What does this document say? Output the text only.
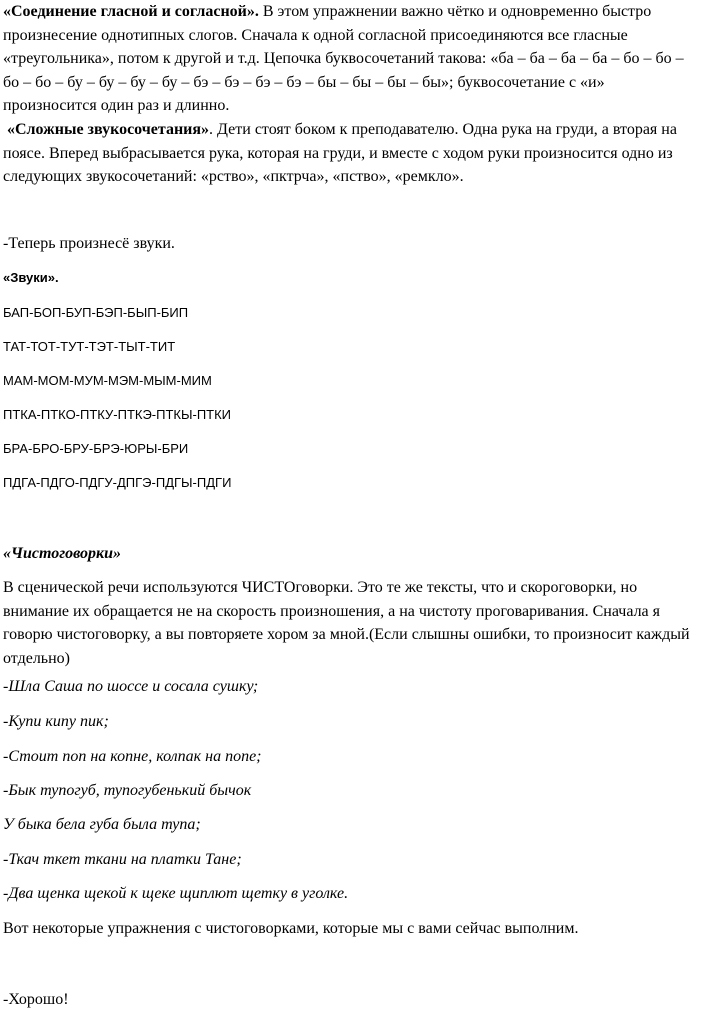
«Соединение гласной и согласной». В этом упражнении важно чётко и одновременно быстро произнесение однотипных слогов. Сначала к одной согласной присоединяются все гласные «треугольника», потом к другой и т.д. Цепочка буквосочетаний такова: «ба – ба – ба – ба – бо – бо – бо – бо – бу – бу – бу – бу – бэ – бэ – бэ – бэ – бы – бы – бы – бы»; буквосочетание с «и» произносится один раз и длинно.

«Сложные звукосочетания». Дети стоят боком к преподавателю. Одна рука на груди, а вторая на поясе. Вперед выбрасывается рука, которая на груди, и вместе с ходом руки произносится одно из следующих звукосочетаний: «рство», «пктрча», «пство», «ремкло».

-Теперь произнесё звуки.

«Звуки».

БАП-БОП-БУП-БЭП-БЫП-БИП

ТАТ-ТОТ-ТУТ-ТЭТ-ТЫТ-ТИТ

МАМ-МОМ-МУМ-МЭМ-МЫМ-МИМ

ПТКА-ПТКО-ПТКУ-ПТКЭ-ПТКЫ-ПТКИ

БРА-БРО-БРУ-БРЭ-ЮРЫ-БРИ

ПДГА-ПДГО-ПДГУ-ДПГЭ-ПДГЫ-ПДГИ

«Чистоговорки»

В сценической речи используются ЧИСТОговорки. Это те же тексты, что и скороговорки, но внимание их обращается не на скорость произношения, а на чистоту проговаривания. Сначала я говорю чистоговорку, а вы повторяете хором за мной.(Если слышны ошибки, то произносит каждый отдельно)

-Шла Саша по шоссе и сосала сушку;

-Купи кипу пик;

-Стоит поп на копне, колпак на попе;

-Бык тупогуб, тупогубенький бычок

У быка бела губа была тупа;

-Ткач ткет ткани на платки Тане;

-Два щенка щекой к щеке щиплют щетку в уголке.

Вот некоторые упражнения с чистоговорками, которые мы с вами сейчас выполним.

-Хорошо!
